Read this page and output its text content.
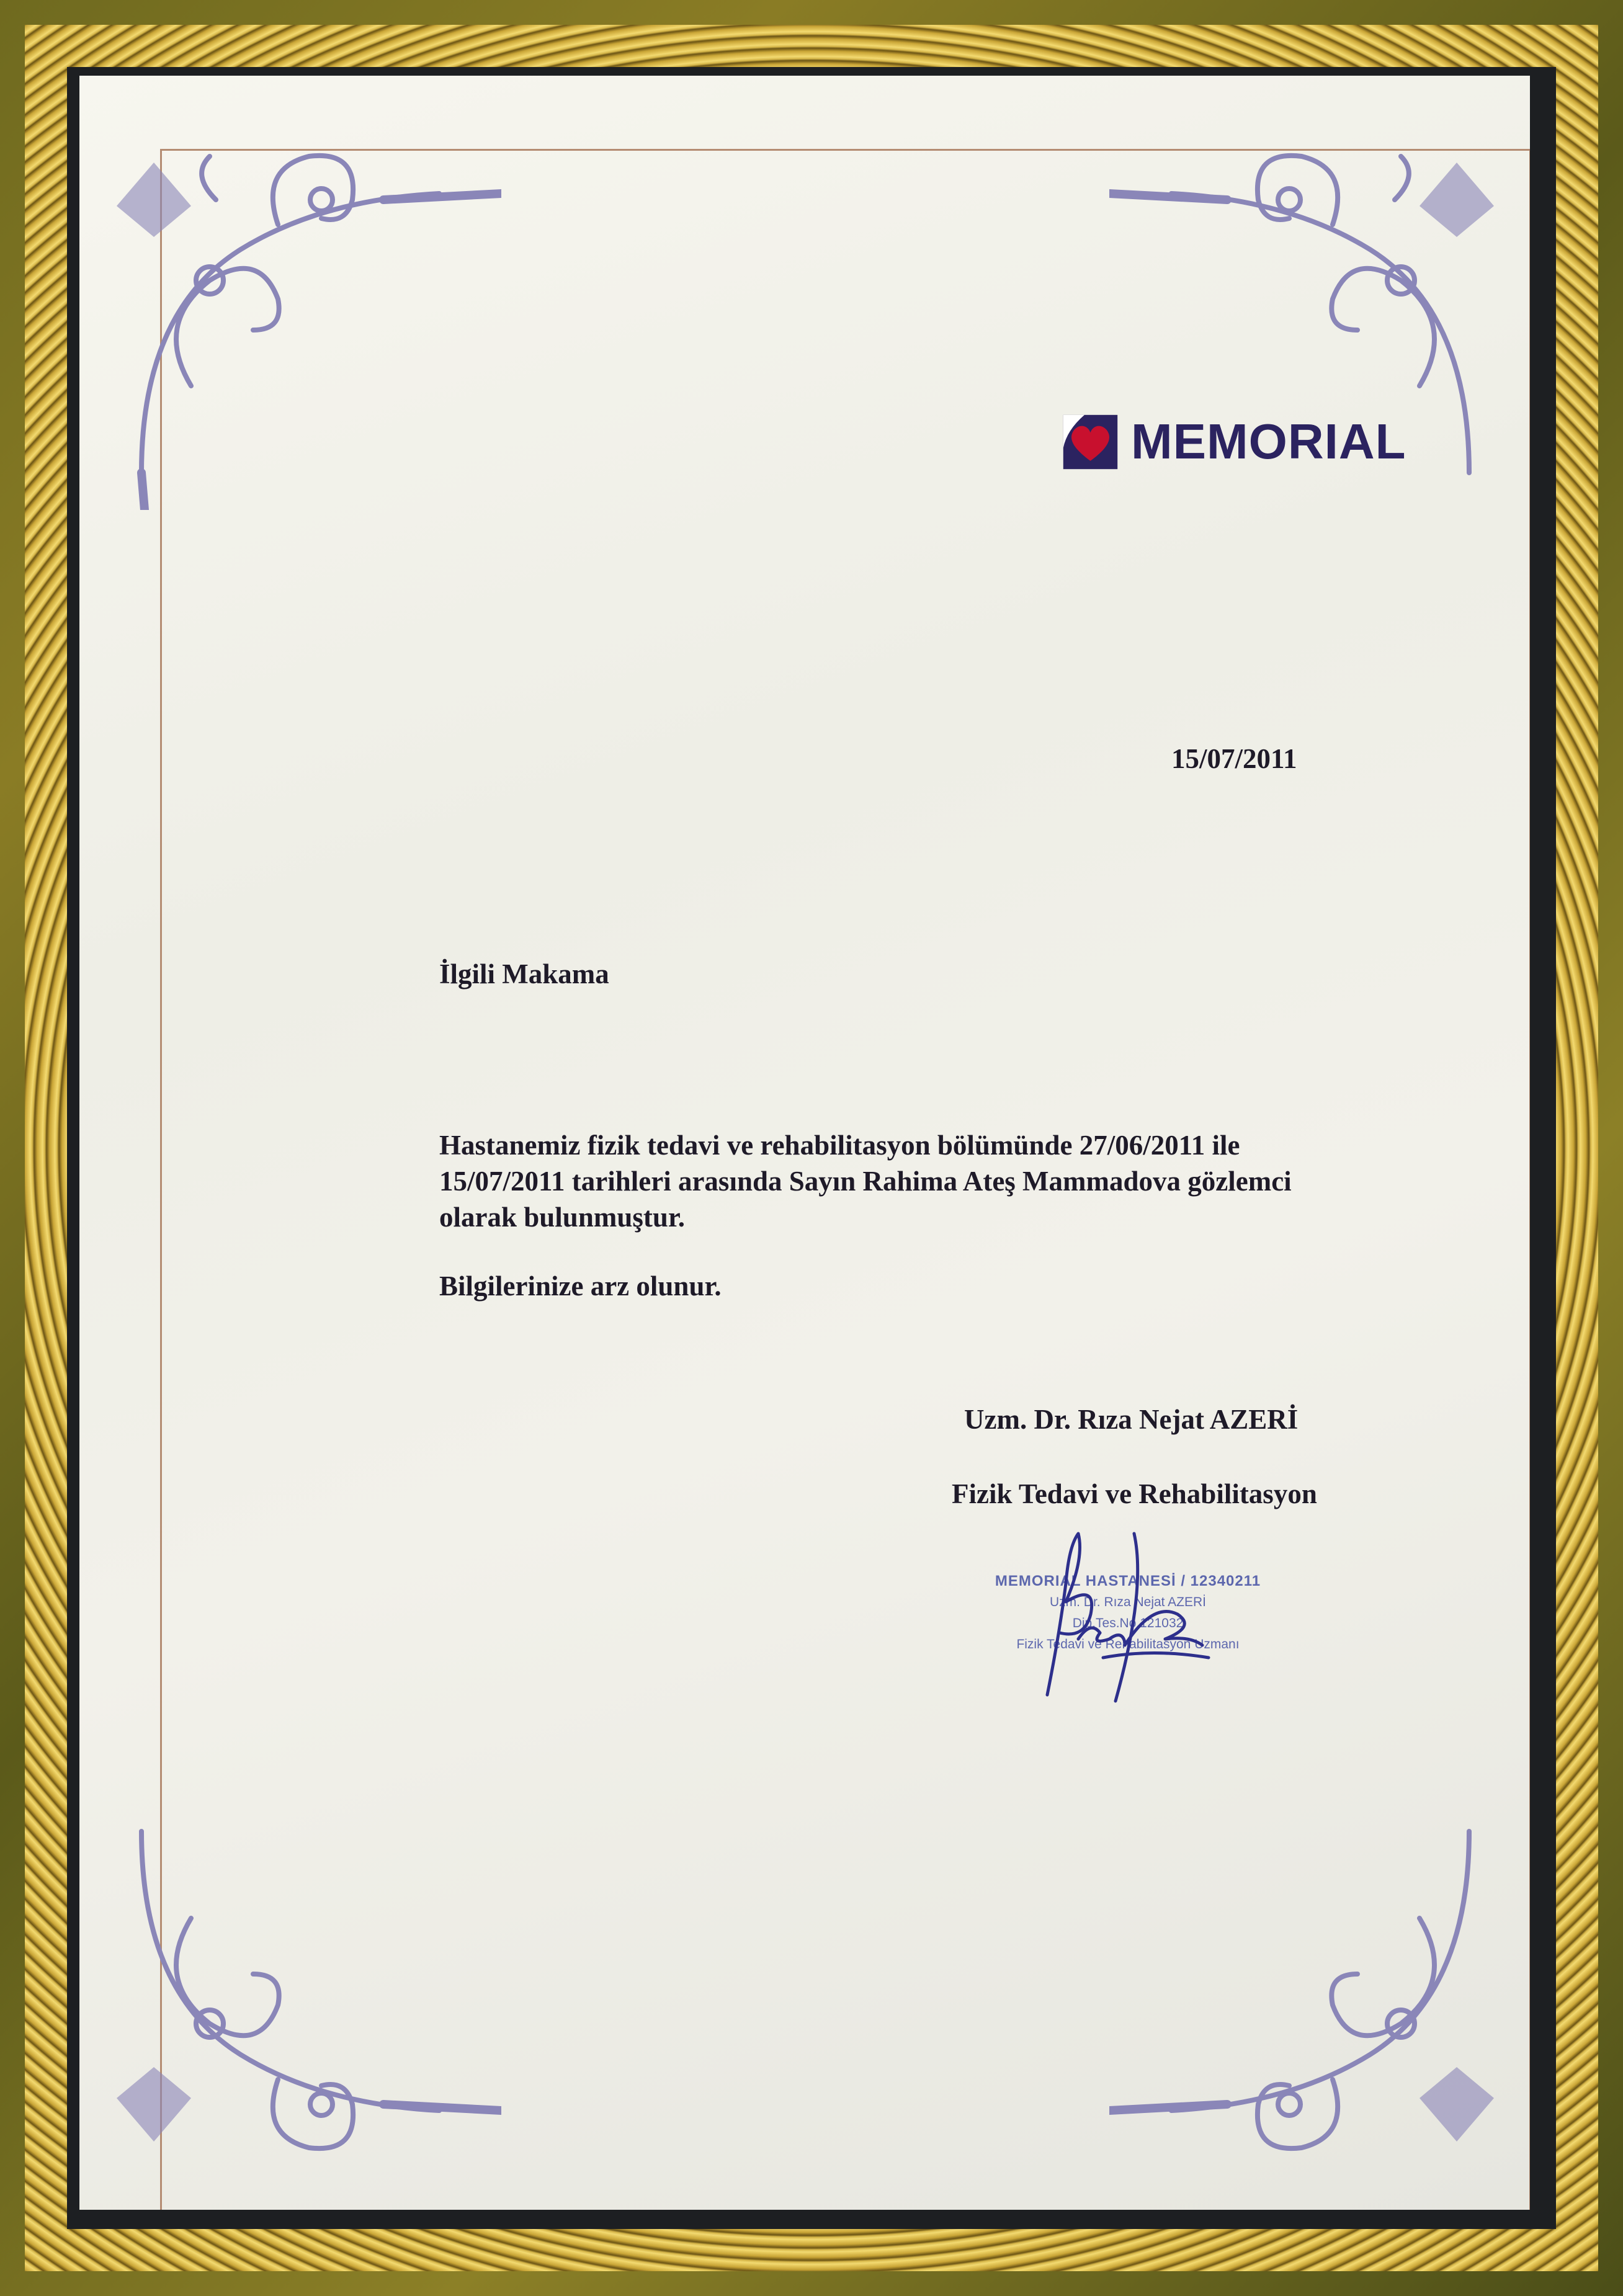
MEMORIAL
15/07/2011
İlgili Makama
Hastanemiz fizik tedavi ve rehabilitasyon bölümünde 27/06/2011 ile
15/07/2011 tarihleri arasında Sayın Rahima Ateş Mammadova gözlemci
olarak bulunmuştur.
Bilgilerinize arz olunur.
Uzm. Dr. Rıza Nejat AZERİ
Fizik Tedavi ve Rehabilitasyon
MEMORIAL HASTANESİ / 12340211
Uzm. Dr. Rıza Nejat AZERİ
Dip.Tes.No.121032
Fizik Tedavi ve Rehabilitasyon Uzmanı
